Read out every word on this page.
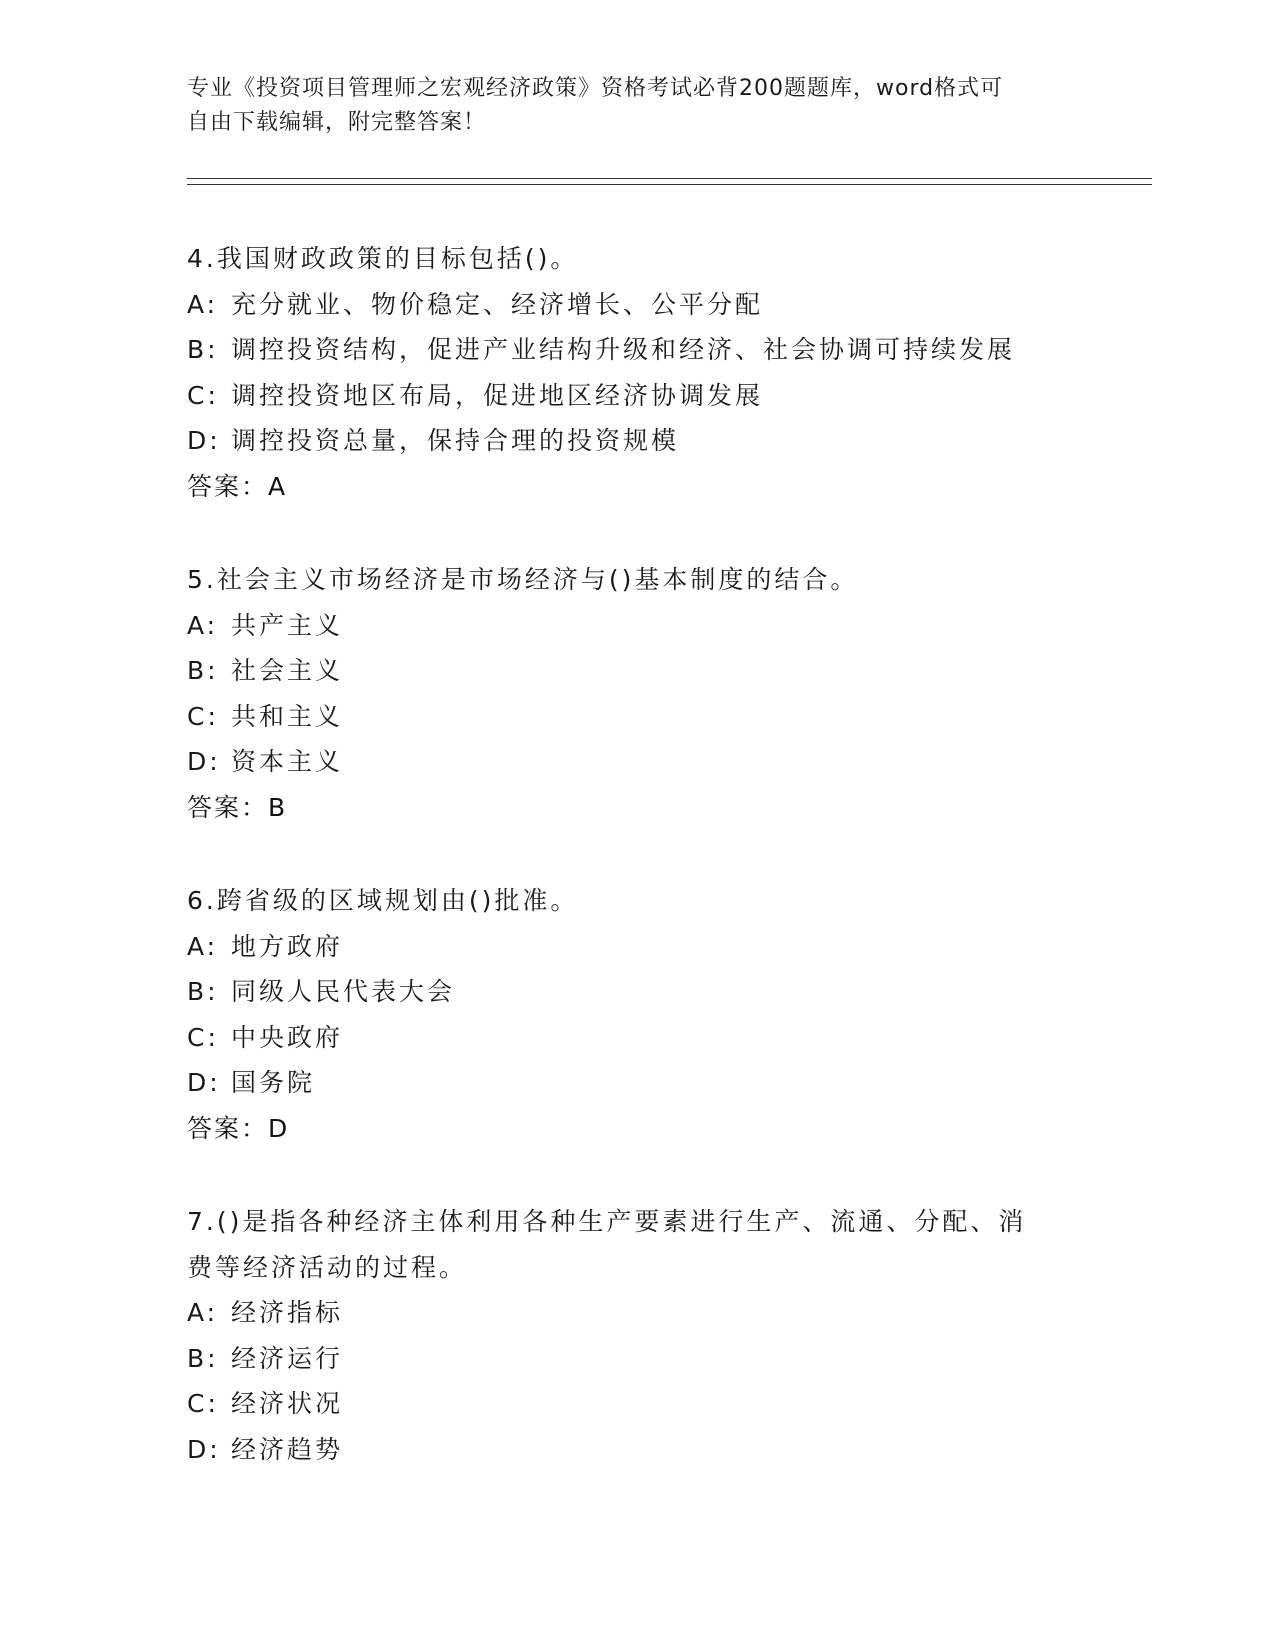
专业《投资项目管理师之宏观经济政策》资格考试必背200题题库，word格式可
自由下载编辑，附完整答案！
4.我国财政政策的目标包括()。
A: 充分就业、物价稳定、经济增长、公平分配
B: 调控投资结构，促进产业结构升级和经济、社会协调可持续发展
C: 调控投资地区布局，促进地区经济协调发展
D: 调控投资总量，保持合理的投资规模
答案：A
5.社会主义市场经济是市场经济与()基本制度的结合。
A: 共产主义
B: 社会主义
C: 共和主义
D: 资本主义
答案：B
6.跨省级的区域规划由()批准。
A: 地方政府
B: 同级人民代表大会
C: 中央政府
D: 国务院
答案：D
7.()是指各种经济主体利用各种生产要素进行生产、流通、分配、消
费等经济活动的过程。
A: 经济指标
B: 经济运行
C: 经济状况
D: 经济趋势
